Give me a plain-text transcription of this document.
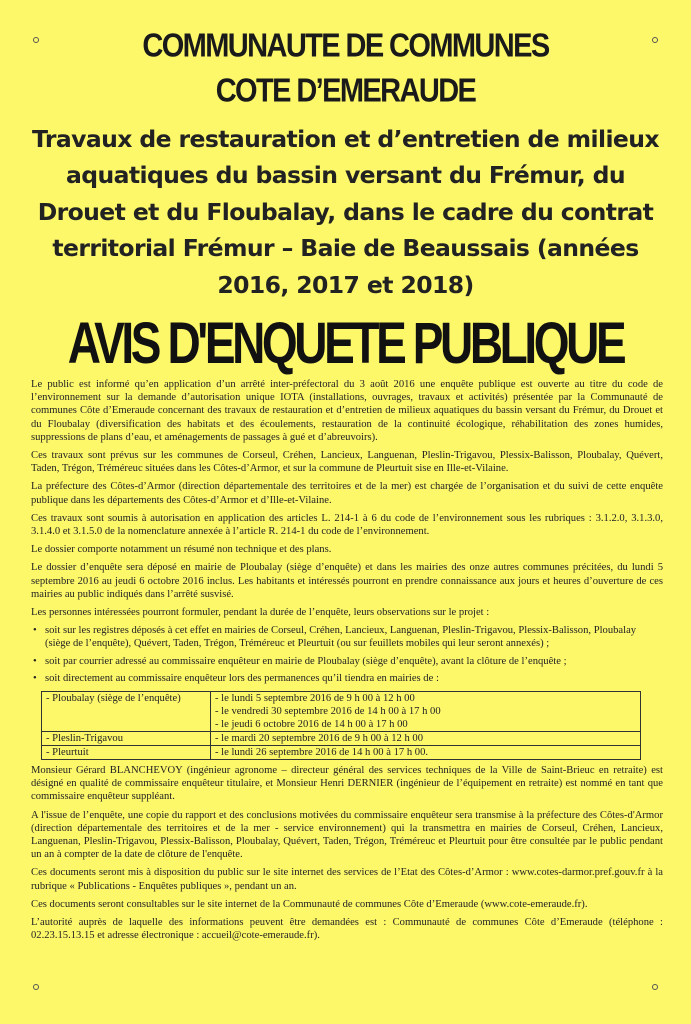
COMMUNAUTE DE COMMUNES
COTE D’EMERAUDE
Travaux de restauration et d’entretien de milieux aquatiques du bassin versant du Frémur, du Drouet et du Floubalay, dans le cadre du contrat territorial Frémur – Baie de Beaussais (années 2016, 2017 et 2018)
AVIS D'ENQUETE PUBLIQUE

Le public est informé qu’en application d’un arrêté inter-préfectoral du 3 août 2016 une enquête publique est ouverte au titre du code de l’environnement sur la demande d’autorisation unique IOTA (installations, ouvrages, travaux et activités) présentée par la Communauté de communes Côte d’Emeraude concernant des travaux de restauration et d’entretien de milieux aquatiques du bassin versant du Frémur, du Drouet et du Floubalay (diversification des habitats et des écoulements, restauration de la continuité écologique, réhabilitation des zones humides, suppressions de plans d’eau, et aménagements de passages à gué et d’abreuvoirs).

Ces travaux sont prévus sur les communes de Corseul, Créhen, Lancieux, Languenan, Pleslin-Trigavou, Plessix-Balisson, Ploubalay, Quévert, Taden, Trégon, Tréméreuc situées dans les Côtes-d’Armor, et sur la commune de Pleurtuit sise en Ille-et-Vilaine.

La préfecture des Côtes-d’Armor (direction départementale des territoires et de la mer) est chargée de l’organisation et du suivi de cette enquête publique dans les départements des Côtes-d’Armor et d’Ille-et-Vilaine.

Ces travaux sont soumis à autorisation en application des articles L. 214-1 à 6 du code de l’environnement sous les rubriques : 3.1.2.0, 3.1.3.0, 3.1.4.0 et 3.1.5.0 de la nomenclature annexée à l’article R. 214-1 du code de l’environnement.

Le dossier comporte notamment un résumé non technique et des plans.

Le dossier d’enquête sera déposé en mairie de Ploubalay (siège d’enquête) et dans les mairies des onze autres communes précitées, du lundi 5 septembre 2016 au jeudi 6 octobre 2016 inclus. Les habitants et intéressés pourront en prendre connaissance aux jours et heures d’ouverture de ces mairies au public indiqués dans l’arrêté susvisé.

Les personnes intéressées pourront formuler, pendant la durée de l’enquête, leurs observations sur le projet :

• soit sur les registres déposés à cet effet en mairies de Corseul, Créhen, Lancieux, Languenan, Pleslin-Trigavou, Plessix-Balisson, Ploubalay (siège de l’enquête), Quévert, Taden, Trégon, Tréméreuc et Pleurtuit (ou sur feuillets mobiles qui leur seront annexés) ;
• soit par courrier adressé au commissaire enquêteur en mairie de Ploubalay (siège d’enquête), avant la clôture de l’enquête ;
• soit directement au commissaire enquêteur lors des permanences qu’il tiendra en mairies de :
- Ploubalay (siège de l’enquête)	- le lundi 5 septembre 2016 de 9 h 00 à 12 h 00
- le vendredi 30 septembre 2016 de 14 h 00 à 17 h 00
- le jeudi 6 octobre 2016 de 14 h 00 à 17 h 00

- Pleslin-Trigavou	- le mardi 20 septembre 2016 de 9 h 00 à 12 h 00

- Pleurtuit	- le lundi 26 septembre 2016 de 14 h 00 à 17 h 00.

Monsieur Gérard BLANCHEVOY (ingénieur agronome – directeur général des services techniques de la Ville de Saint-Brieuc en retraite) est désigné en qualité de commissaire enquêteur titulaire, et Monsieur Henri DERNIER (ingénieur de l’équipement en retraite) est nommé en tant que commissaire enquêteur suppléant.

A l'issue de l’enquête, une copie du rapport et des conclusions motivées du commissaire enquêteur sera transmise à la préfecture des Côtes-d'Armor (direction départementale des territoires et de la mer - service environnement) qui la transmettra en mairies de Corseul, Créhen, Lancieux, Languenan, Pleslin-Trigavou, Plessix-Balisson, Ploubalay, Quévert, Taden, Trégon, Tréméreuc et Pleurtuit pour être consultée par le public pendant un an à compter de la date de clôture de l'enquête.

Ces documents seront mis à disposition du public sur le site internet des services de l’Etat des Côtes-d’Armor : www.cotes-darmor.pref.gouv.fr à la rubrique « Publications - Enquêtes publiques », pendant un an.

Ces documents seront consultables sur le site internet de la Communauté de communes Côte d’Emeraude (www.cote-emeraude.fr).

L’autorité auprès de laquelle des informations peuvent être demandées est : Communauté de communes Côte d’Emeraude (téléphone : 02.23.15.13.15 et adresse électronique : accueil@cote-emeraude.fr).
